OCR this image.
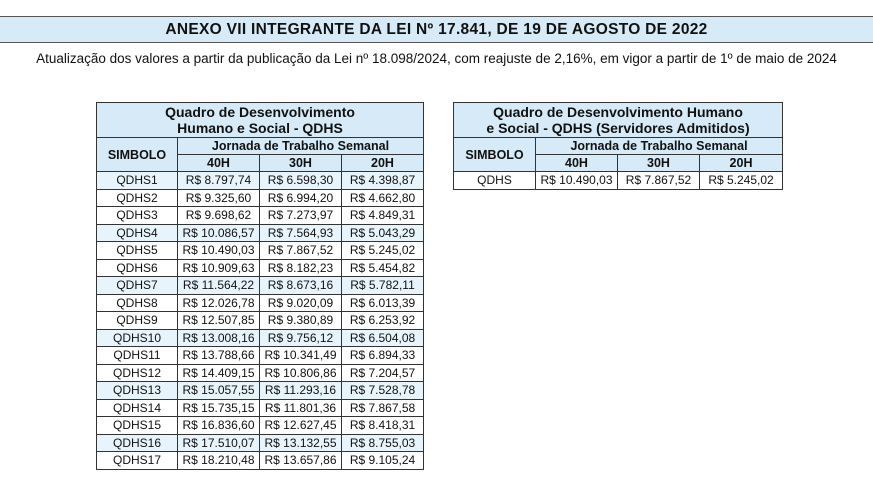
ANEXO VII INTEGRANTE DA LEI Nº 17.841, DE 19 DE AGOSTO DE 2022
Atualização dos valores a partir da publicação da Lei nº 18.098/2024, com reajuste de 2,16%, em vigor a partir de 1º de maio de 2024
Quadro de Desenvolvimento
Humano e Social - QDHS			

SIMBOLO	Jornada de Trabalho Semanal		
	40H	30H	20H
QDHS1	R$ 8.797,74	R$ 6.598,30	R$ 4.398,87
QDHS2	R$ 9.325,60	R$ 6.994,20	R$ 4.662,80
QDHS3	R$ 9.698,62	R$ 7.273,97	R$ 4.849,31
QDHS4	R$ 10.086,57	R$ 7.564,93	R$ 5.043,29
QDHS5	R$ 10.490,03	R$ 7.867,52	R$ 5.245,02
QDHS6	R$ 10.909,63	R$ 8.182,23	R$ 5.454,82
QDHS7	R$ 11.564,22	R$ 8.673,16	R$ 5.782,11
QDHS8	R$ 12.026,78	R$ 9.020,09	R$ 6.013,39
QDHS9	R$ 12.507,85	R$ 9.380,89	R$ 6.253,92
QDHS10	R$ 13.008,16	R$ 9.756,12	R$ 6.504,08
QDHS11	R$ 13.788,66	R$ 10.341,49	R$ 6.894,33
QDHS12	R$ 14.409,15	R$ 10.806,86	R$ 7.204,57
QDHS13	R$ 15.057,55	R$ 11.293,16	R$ 7.528,78
QDHS14	R$ 15.735,15	R$ 11.801,36	R$ 7.867,58
QDHS15	R$ 16.836,60	R$ 12.627,45	R$ 8.418,31
QDHS16	R$ 17.510,07	R$ 13.132,55	R$ 8.755,03
QDHS17	R$ 18.210,48	R$ 13.657,86	R$ 9.105,24
Quadro de Desenvolvimento Humano
e Social - QDHS (Servidores Admitidos)			

SIMBOLO	Jornada de Trabalho Semanal		
	40H	30H	20H
QDHS	R$ 10.490,03	R$ 7.867,52	R$ 5.245,02
